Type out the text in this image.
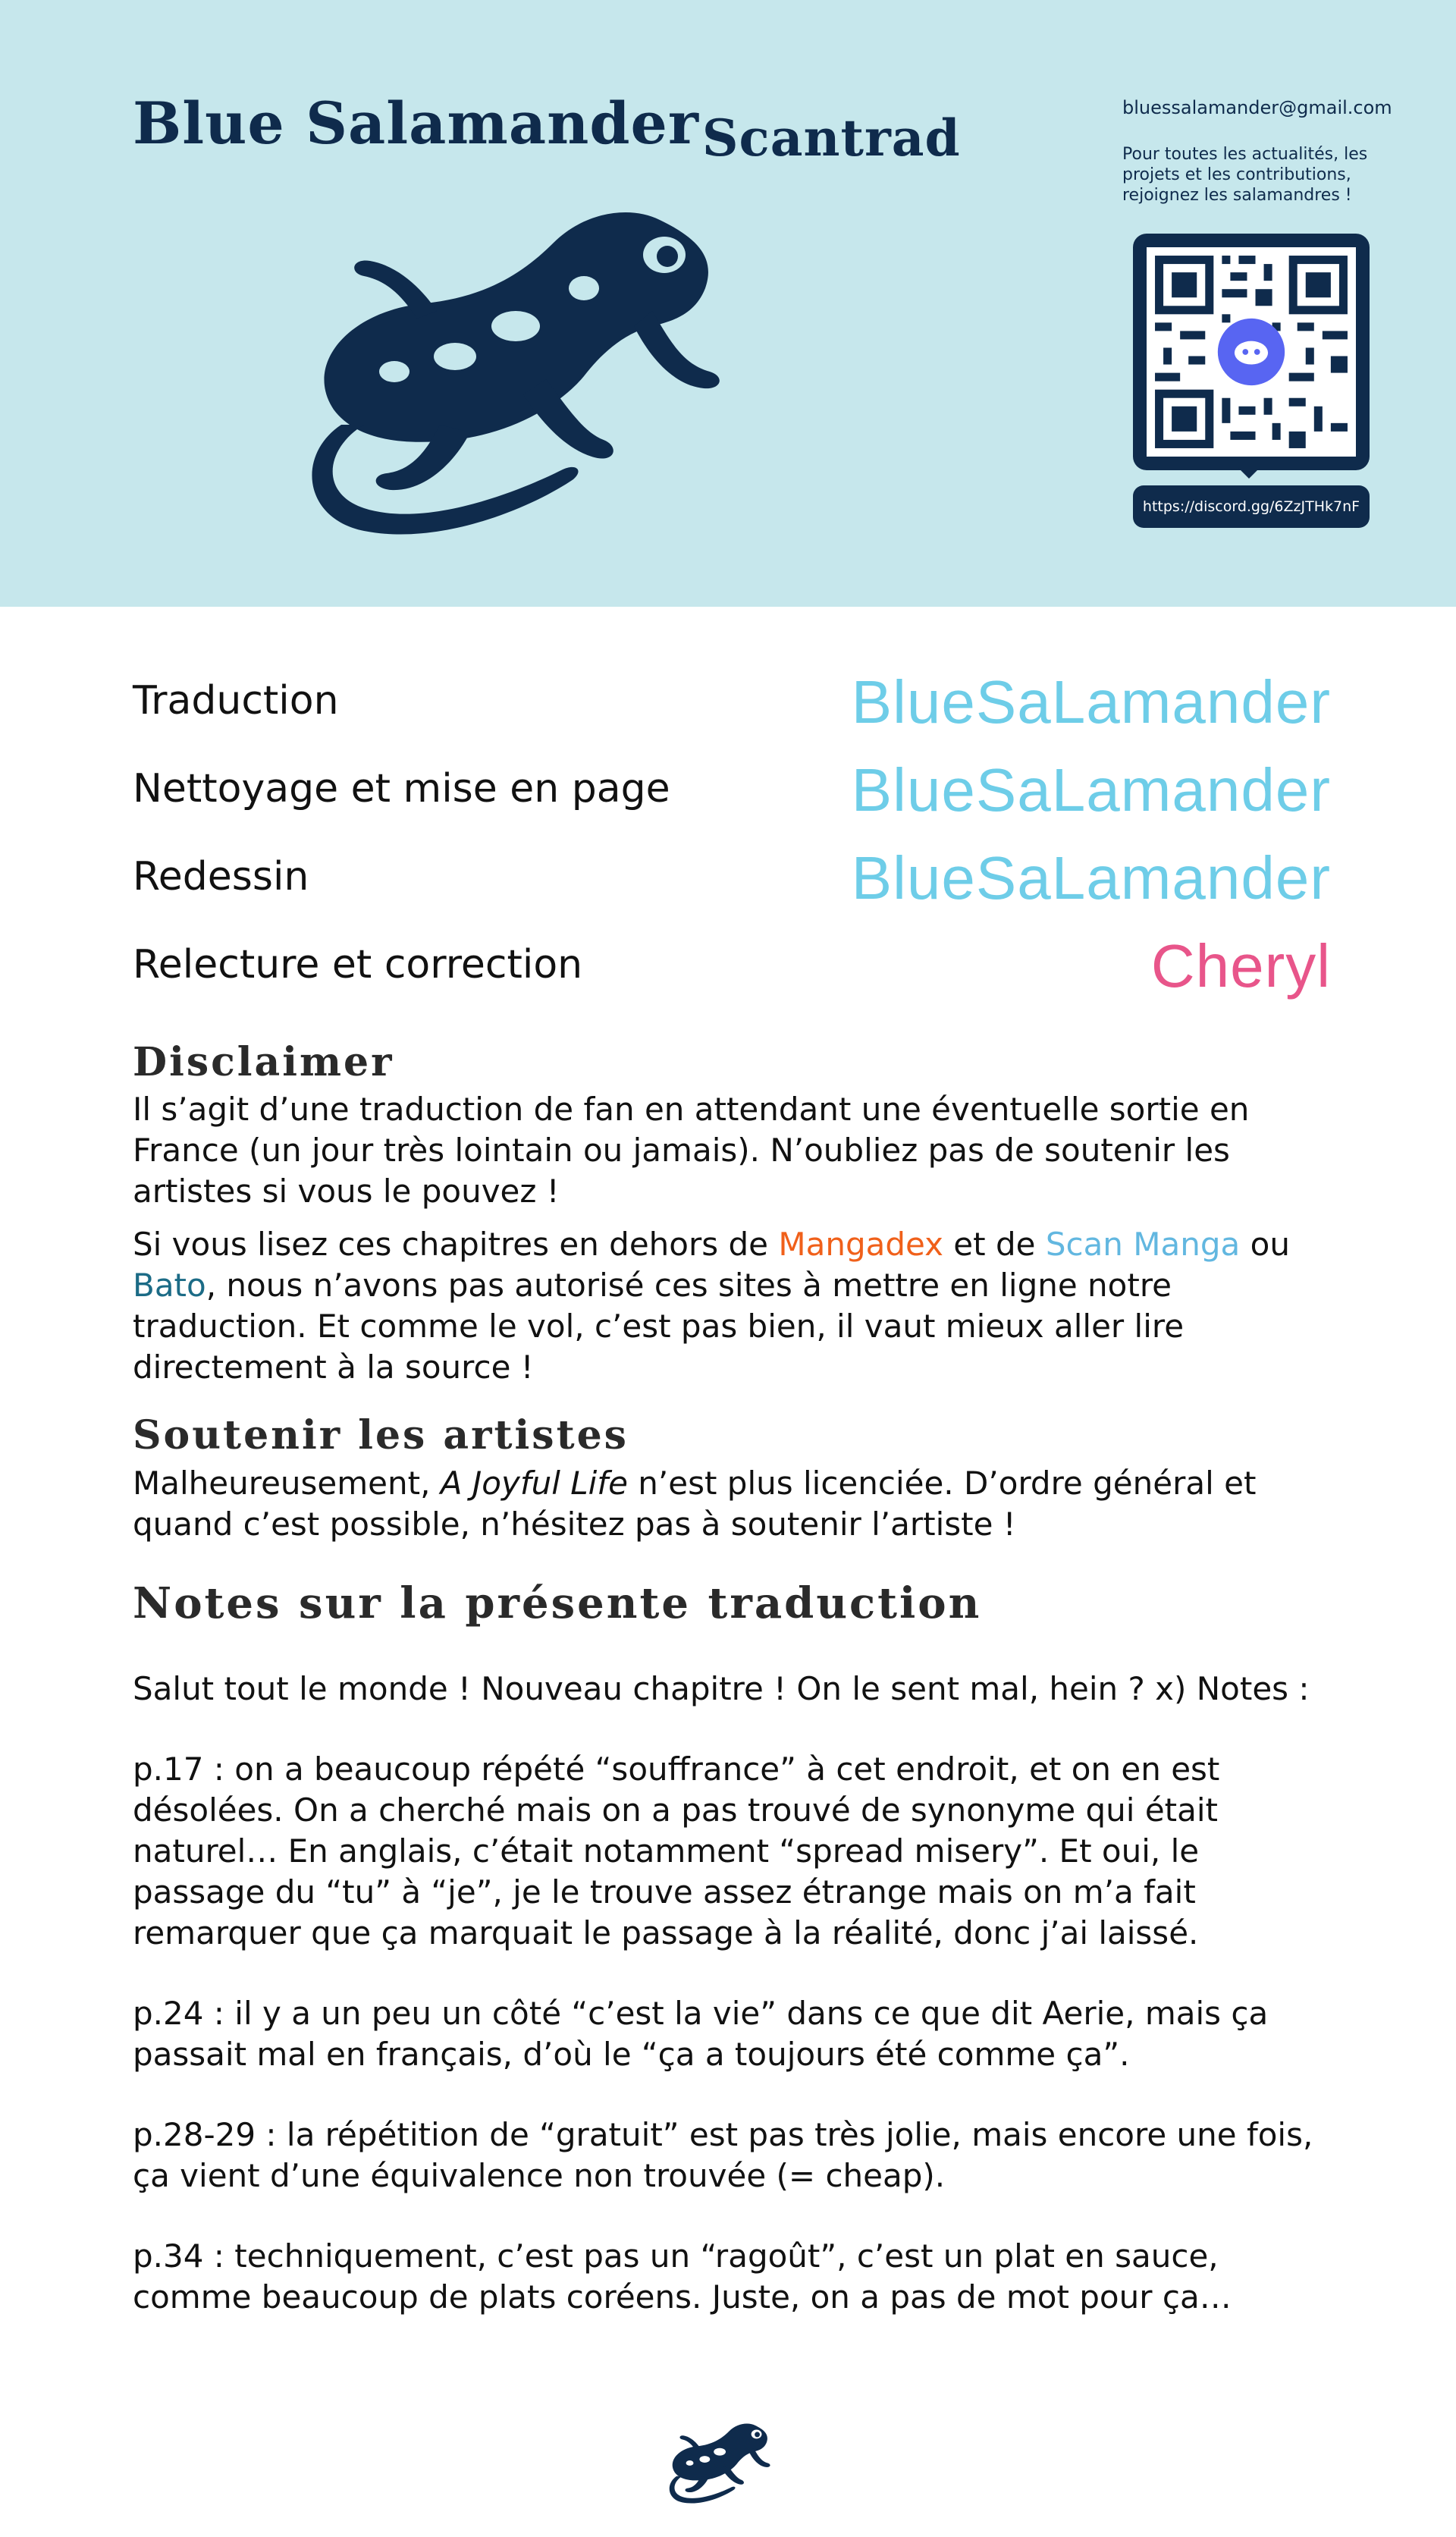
Blue SalamanderScantrad

bluessalamander@gmail.com

Pour toutes les actualités, les projets et les contributions, rejoignez les salamandres !

https://discord.gg/6ZzJTHk7nF
Traduction	BlueSaLamander
Nettoyage et mise en page	BlueSaLamander
Redessin	BlueSaLamander
Relecture et correction	Cheryl
Disclaimer

Il s’agit d’une traduction de fan en attendant une éventuelle sortie en France (un jour très lointain ou jamais). N’oubliez pas de soutenir les artistes si vous le pouvez !

Si vous lisez ces chapitres en dehors de Mangadex et de Scan Manga ou Bato, nous n’avons pas autorisé ces sites à mettre en ligne notre traduction. Et comme le vol, c’est pas bien, il vaut mieux aller lire directement à la source !

Soutenir les artistes

Malheureusement, A Joyful Life n’est plus licenciée. D’ordre général et quand c’est possible, n’hésitez pas à soutenir l’artiste !

Notes sur la présente traduction

Salut tout le monde ! Nouveau chapitre ! On le sent mal, hein ? x) Notes :

p.17 : on a beaucoup répété “souffrance” à cet endroit, et on en est désolées. On a cherché mais on a pas trouvé de synonyme qui était naturel… En anglais, c’était notamment “spread misery”. Et oui, le passage du “tu” à “je”, je le trouve assez étrange mais on m’a fait remarquer que ça marquait le passage à la réalité, donc j’ai laissé.

p.24 : il y a un peu un côté “c’est la vie” dans ce que dit Aerie, mais ça passait mal en français, d’où le “ça a toujours été comme ça”.

p.28-29 : la répétition de “gratuit” est pas très jolie, mais encore une fois, ça vient d’une équivalence non trouvée (= cheap).

p.34 : techniquement, c’est pas un “ragoût”, c’est un plat en sauce, comme beaucoup de plats coréens. Juste, on a pas de mot pour ça…
